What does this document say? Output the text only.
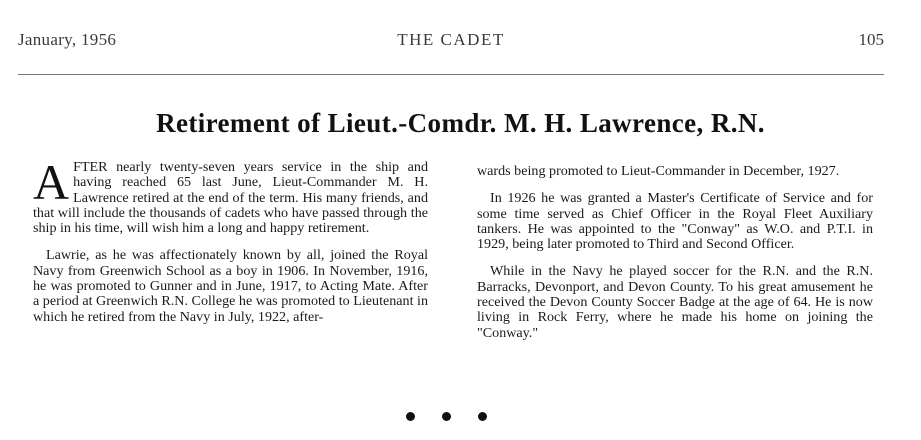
January, 1956	THE CADET	105
Retirement of Lieut.-Comdr. M. H. Lawrence, R.N.

AFTER nearly twenty-seven years service in the ship and having reached 65 last June, Lieut-Commander M. H. Lawrence retired at the end of the term. His many friends, and that will include the thousands of cadets who have passed through the ship in his time, will wish him a long and happy retirement.

Lawrie, as he was affectionately known by all, joined the Royal Navy from Greenwich School as a boy in 1906. In November, 1916, he was promoted to Gunner and in June, 1917, to Acting Mate. After a period at Greenwich R.N. College he was promoted to Lieutenant in which he retired from the Navy in July, 1922, after-

wards being promoted to Lieut-Commander in December, 1927.

In 1926 he was granted a Master's Certificate of Service and for some time served as Chief Officer in the Royal Fleet Auxiliary tankers. He was appointed to the "Conway" as W.O. and P.T.I. in 1929, being later promoted to Third and Second Officer.

While in the Navy he played soccer for the R.N. and the R.N. Barracks, Devonport, and Devon County. To his great amusement he received the Devon County Soccer Badge at the age of 64. He is now living in Rock Ferry, where he made his home on joining the "Conway."
